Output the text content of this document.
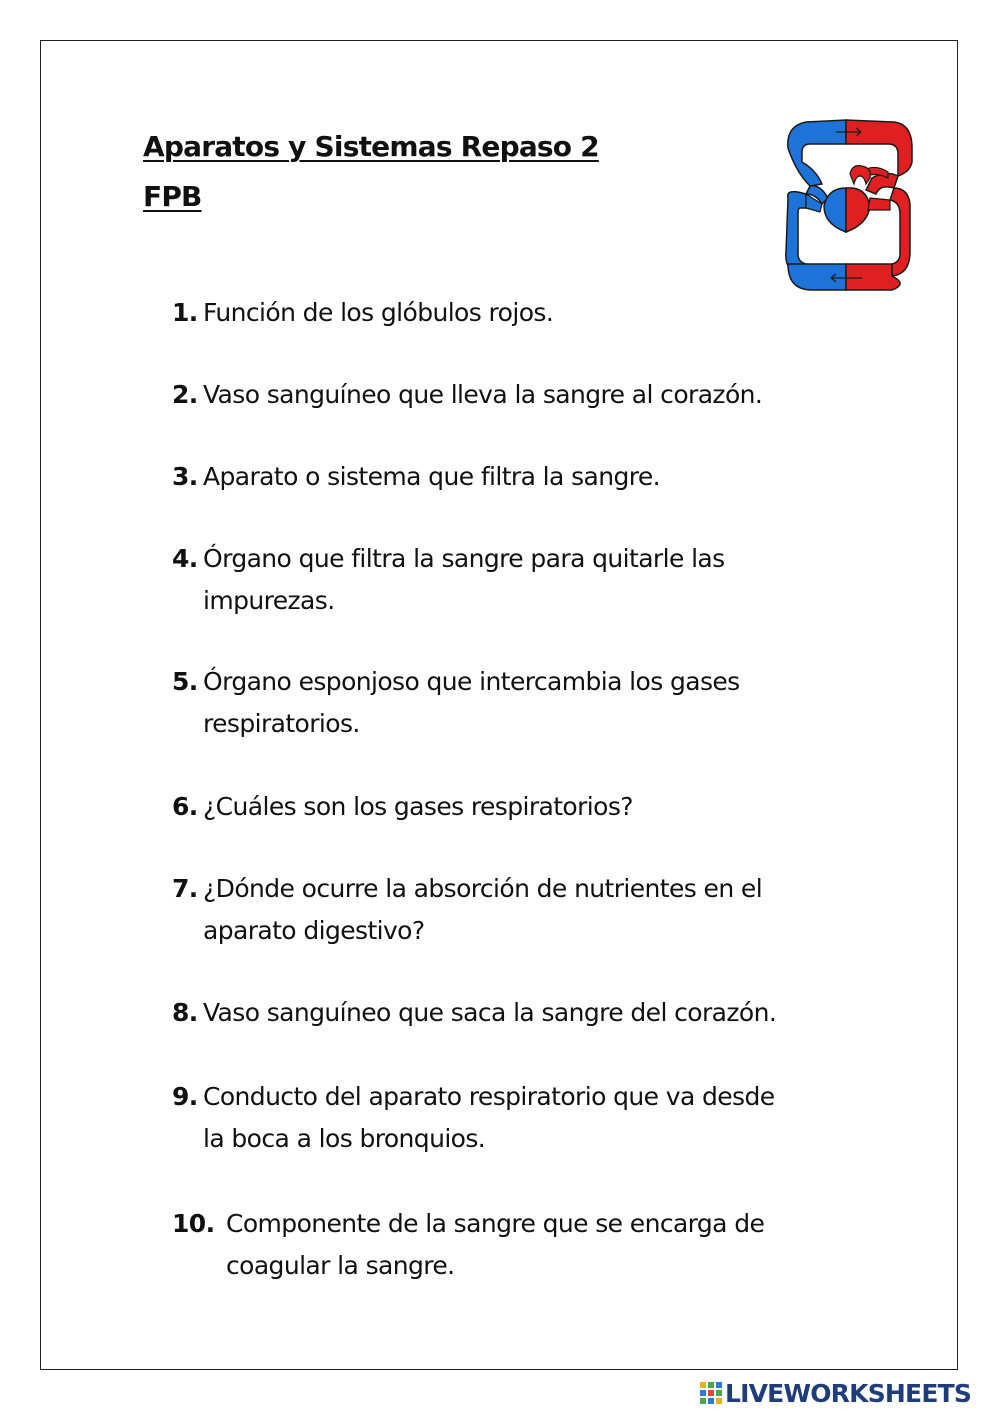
Aparatos y Sistemas Repaso 2
FPB
1. Función de los glóbulos rojos.
2. Vaso sanguíneo que lleva la sangre al corazón.
3. Aparato o sistema que filtra la sangre.
4. Órgano que filtra la sangre para quitarle las
impurezas.
5. Órgano esponjoso que intercambia los gases
respiratorios.
6. ¿Cuáles son los gases respiratorios?
7. ¿Dónde ocurre la absorción de nutrientes en el
aparato digestivo?
8. Vaso sanguíneo que saca la sangre del corazón.
9. Conducto del aparato respiratorio que va desde
la boca a los bronquios.
10. Componente de la sangre que se encarga de
coagular la sangre.
LIVEWORKSHEETS
